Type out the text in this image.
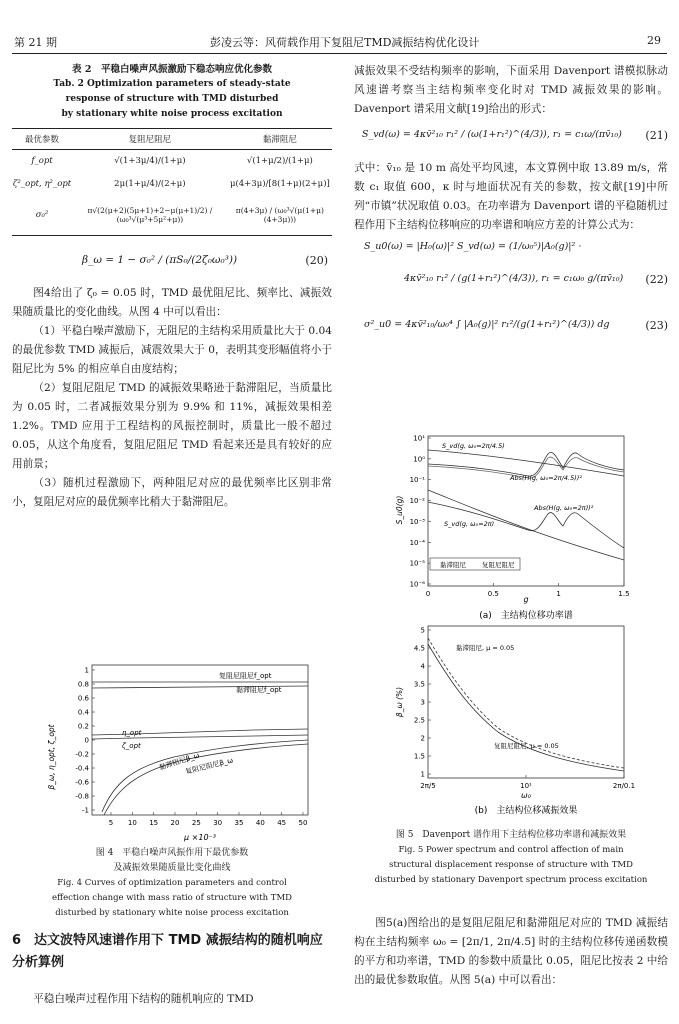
第 21 期	彭凌云等：风荷载作用下复阻尼TMD减振结构优化设计	29
表 2　平稳白噪声风振激励下稳态响应优化参数
Tab. 2 Optimization parameters of steady-state
response of structure with TMD disturbed
by stationary white noise process excitation
最优参数	复阻尼阻尼	黏滞阻尼
f_opt	√(1+3μ/4)/(1+μ)	√(1+μ/2)/(1+μ)
ζ²_opt, η²_opt	2μ(1+μ/4)/(2+μ)	μ(4+3μ)/[8(1+μ)(2+μ)]
σ₀²	π√(2(μ+2)(5μ+1)+2−μ(μ+1)/2) / (ω₀³√(μ³+5μ²+μ))	π(4+3μ) / (ω₀³√(μ(1+μ)(4+3μ)))
β_ω = 1 − σ₀² / (πS₀/(2ζ₀ω₀³))	(20)

图4给出了 ζ₀ = 0.05 时，TMD 最优阻尼比、频率比、减振效果随质量比的变化曲线。从图 4 中可以看出：

（1）平稳白噪声激励下，无阻尼的主结构采用质量比大于 0.04 的最优参数 TMD 减振后，减震效果大于 0，表明其变形幅值将小于阻尼比为 5% 的相应单自由度结构；

（2）复阻尼阻尼 TMD 的减振效果略逊于黏滞阻尼，当质量比为 0.05 时，二者减振效果分别为 9.9% 和 11%，减振效果相差 1.2%。TMD 应用于工程结构的风振控制时，质量比一般不超过 0.05，从这个角度看，复阻尼阻尼 TMD 看起来还是具有较好的应用前景；

（3）随机过程激励下，两种阻尼对应的最优频率比区别非常小，复阻尼对应的最优频率比稍大于黏滞阻尼。

1
0.8
0.6
0.4
0.2
0
-0.2
-0.4
-0.6
-0.8
-1
5 10 15 20 25 30 35 40 45 50
复阻尼阻尼f_opt
黏滞阻尼f_opt
η_opt
ζ_opt
黏滞阻尼β_ω
复阻尼阻尼β_ω
β_ω, η_opt, ζ_opt
μ ×10⁻³
图 4　平稳白噪声风振作用下最优参数
及减振效果随质量比变化曲线
Fig. 4 Curves of optimization parameters and control
effection change with mass ratio of structure with TMD
disturbed by stationary white noise process excitation
6　达文波特风速谱作用下 TMD 减振结构的随机响应分析算例

平稳白噪声过程作用下结构的随机响应的 TMD

减振效果不受结构频率的影响，下面采用 Davenport 谱模拟脉动风速谱考察当主结构频率变化时对 TMD 减振效果的影响。Davenport 谱采用文献[19]给出的形式：

S_vd(ω) = 4κv̄²₁₀ r₁² / (ω(1+r₁²)^(4/3)), r₁ = c₁ω/(πv̄₁₀) (21)

式中：v̄₁₀ 是 10 m 高处平均风速，本文算例中取 13.89 m/s，常数 c₁ 取值 600，κ 时与地面状况有关的参数，按文献[19]中所列“市镇”状况取值 0.03。在功率谱为 Davenport 谱的平稳随机过程作用下主结构位移响应的功率谱和响应方差的计算公式为：

S_u0(ω) = |H₀(ω)|² S_vd(ω) = (1/ω₀⁵)|A₀(g)|² ·
4κv̄²₁₀ r₁² / (g(1+r₁²)^(4/3)), r₁ = c₁ω₀ g/(πv̄₁₀) (22)
σ²_u0 = 4κv̄²₁₀/ω₀⁴ ∫ |A₀(g)|² r₁²/(g(1+r₁²)^(4/3)) dg	(23)
10¹
10⁰
10⁻¹
10⁻²
10⁻³
10⁻⁴
10⁻⁵
10⁻⁶
0	0.5	1	1.5
S_vd(g, ω₀=2π/4.5)
Abs(H(g, ω₀=2π/4.5))²
Abs(H(g, ω₀=2π))²
S_vd(g, ω₀=2π)
黏滞阻尼 复阻尼阻尼
S_u0(g)
g
(a)　主结构位移功率谱
5
4.5
4
3.5
3
2.5
2
1.5
1
2π/5	10¹	2π/0.1
黏滞阻尼, μ = 0.05
复阻尼阻尼, μ = 0.05
β_ω (%)
ω₀
(b)　主结构位移减振效果
图 5　Davenport 谱作用下主结构位移功率谱和减振效果
Fig. 5 Power spectrum and control affection of main
structural displacement response of structure with TMD
disturbed by stationary Davenport spectrum process excitation

图5(a)图给出的是复阻尼阻尼和黏滞阻尼对应的 TMD 减振结构在主结构频率 ω₀ = [2π/1, 2π/4.5] 时的主结构位移传递函数模的平方和功率谱，TMD 的参数中质量比 0.05，阻尼比按表 2 中给出的最优参数取值。从图 5(a) 中可以看出：
